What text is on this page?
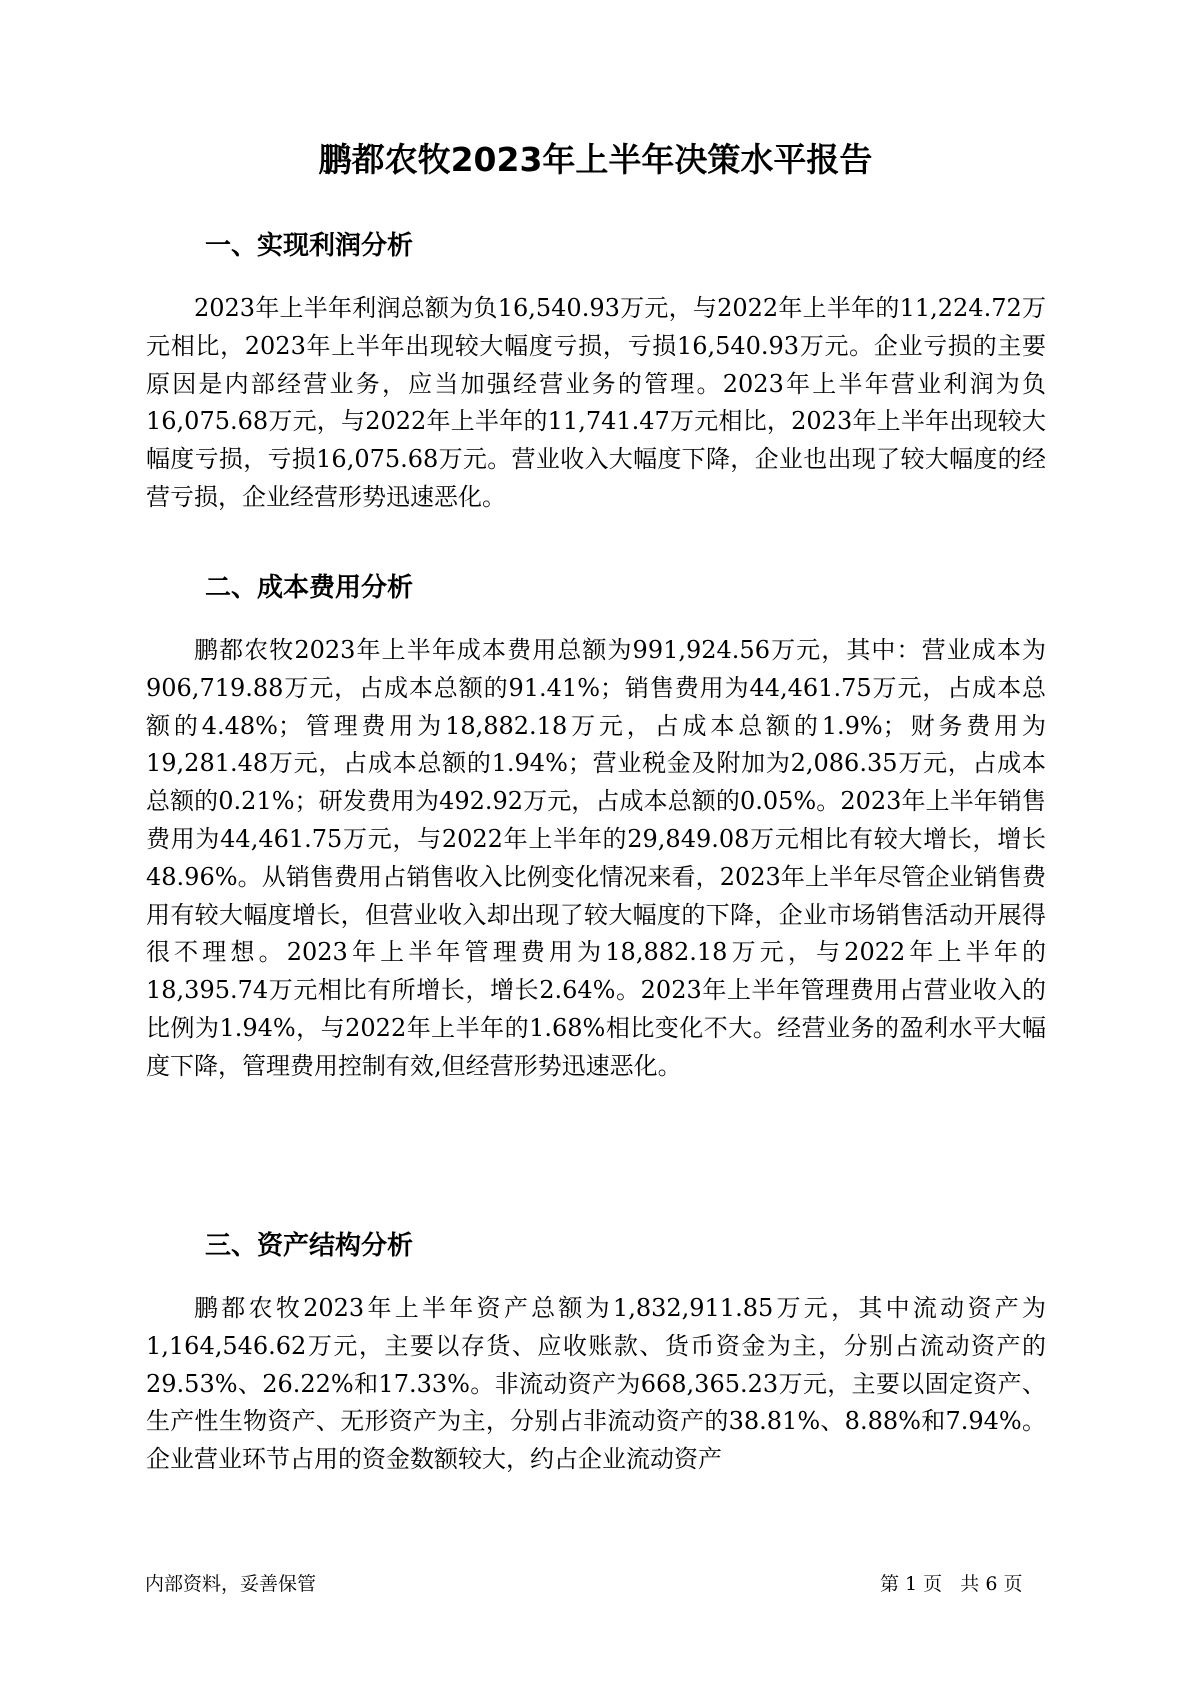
鹏都农牧2023年上半年决策水平报告
一、实现利润分析

2023年上半年利润总额为负16,540.93万元，与2022年上半年的11,224.72万元相比，2023年上半年出现较大幅度亏损，亏损16,540.93万元。企业亏损的主要原因是内部经营业务，应当加强经营业务的管理。2023年上半年营业利润为负16,075.68万元，与2022年上半年的11,741.47万元相比，2023年上半年出现较大幅度亏损，亏损16,075.68万元。营业收入大幅度下降，企业也出现了较大幅度的经营亏损，企业经营形势迅速恶化。

二、成本费用分析

鹏都农牧2023年上半年成本费用总额为991,924.56万元，其中：营业成本为906,719.88万元，占成本总额的91.41%；销售费用为44,461.75万元，占成本总额的4.48%；管理费用为18,882.18万元，占成本总额的1.9%；财务费用为19,281.48万元，占成本总额的1.94%；营业税金及附加为2,086.35万元，占成本总额的0.21%；研发费用为492.92万元，占成本总额的0.05%。2023年上半年销售费用为44,461.75万元，与2022年上半年的29,849.08万元相比有较大增长，增长48.96%。从销售费用占销售收入比例变化情况来看，2023年上半年尽管企业销售费用有较大幅度增长，但营业收入却出现了较大幅度的下降，企业市场销售活动开展得很不理想。2023年上半年管理费用为18,882.18万元，与2022年上半年的18,395.74万元相比有所增长，增长2.64%。2023年上半年管理费用占营业收入的比例为1.94%，与2022年上半年的1.68%相比变化不大。经营业务的盈利水平大幅度下降，管理费用控制有效,但经营形势迅速恶化。

三、资产结构分析

鹏都农牧2023年上半年资产总额为1,832,911.85万元，其中流动资产为1,164,546.62万元，主要以存货、应收账款、货币资金为主，分别占流动资产的29.53%、26.22%和17.33%。非流动资产为668,365.23万元，主要以固定资产、生产性生物资产、无形资产为主，分别占非流动资产的38.81%、8.88%和7.94%。企业营业环节占用的资金数额较大，约占企业流动资产

内部资料，妥善保管	第 1 页   共 6 页
